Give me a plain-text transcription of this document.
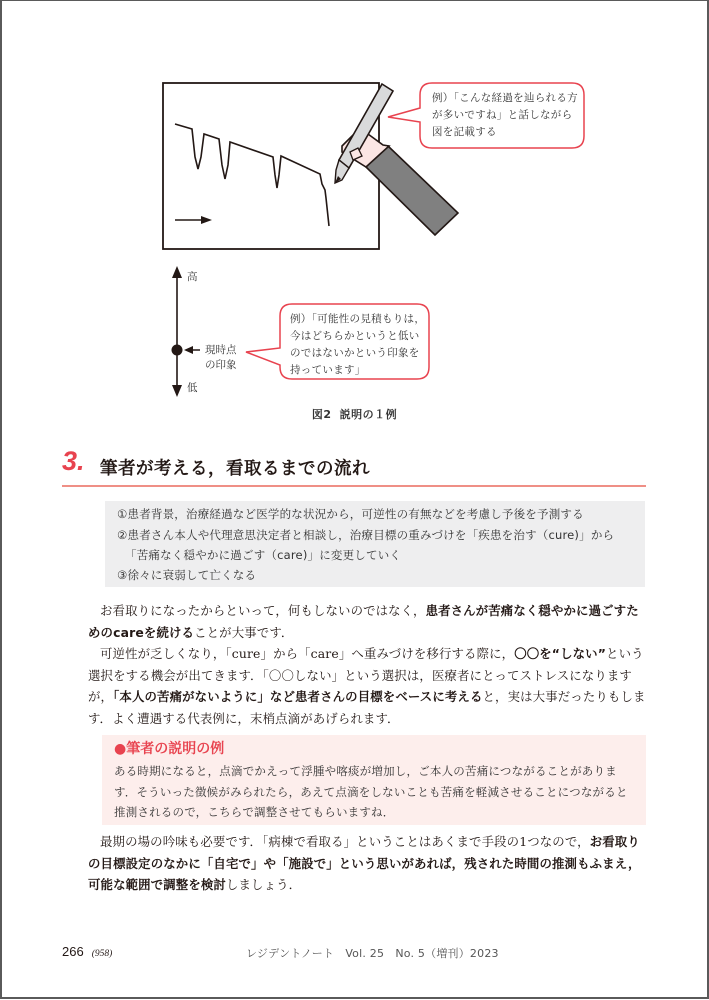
例）「こんな経過を辿られる方
が多いですね」と話しながら
図を記載する
高
低
現時点
の印象
例）「可能性の見積もりは，
今はどちらかというと低い
のではないかという印象を
持っています」
図2 説明の１例
3. 筆者が考える，看取るまでの流れ
①患者背景，治療経過など医学的な状況から，可逆性の有無などを考慮し予後を予測する
②患者さん本人や代理意思決定者と相談し，治療目標の重みづけを「疾患を治す（cure)」から
「苦痛なく穏やかに過ごす（care)」に変更していく
③徐々に衰弱して亡くなる

お看取りになったからといって，何もしないのではなく，患者さんが苦痛なく穏やかに過ごすためのcareを続けることが大事です．

可逆性が乏しくなり，「cure」から「care」へ重みづけを移行する際に，〇〇を“しない”という選択をする機会が出てきます．「〇〇しない」という選択は，医療者にとってストレスになりますが，「本人の苦痛がないように」など患者さんの目標をベースに考えると，実は大事だったりもします．よく遭遇する代表例に，末梢点滴があげられます．

●筆者の説明の例
ある時期になると，点滴でかえって浮腫や喀痰が増加し，ご本人の苦痛につながることがあります．そういった徴候がみられたら，あえて点滴をしないことも苦痛を軽減させることにつながると推測されるので，こちらで調整させてもらいますね．

最期の場の吟味も必要です．「病棟で看取る」ということはあくまで手段の1つなので，お看取りの目標設定のなかに「自宅で」や「施設で」という思いがあれば，残された時間の推測もふまえ，可能な範囲で調整を検討しましょう．

266 (958)	レジデントノート　Vol. 25　No. 5（増刊）2023
